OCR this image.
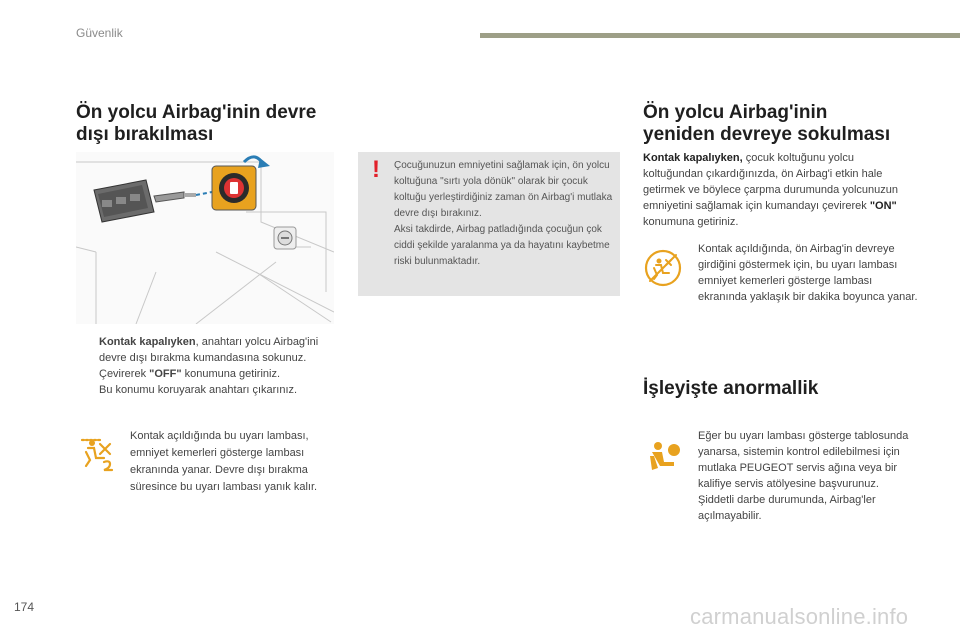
Güvenlik
Ön yolcu Airbag'inin devre
dışı bırakılması
! Çocuğunuzun emniyetini sağlamak için, ön yolcu koltuğuna "sırtı yola dönük" olarak bir çocuk koltuğu yerleştirdiğiniz zaman ön Airbag'i mutlaka devre dışı bırakınız.

Aksi takdirde, Airbag patladığında çocuğun çok ciddi şekilde yaralanma ya da hayatını kaybetme riski bulunmaktadır.

Kontak kapalıyken, anahtarı yolcu Airbag'ini devre dışı bırakma kumandasına sokunuz.
Çevirerek "OFF" konumuna getiriniz.
Bu konumu koruyarak anahtarı çıkarınız.
Kontak açıldığında bu uyarı lambası, emniyet kemerleri gösterge lambası ekranında yanar. Devre dışı bırakma süresince bu uyarı lambası yanık kalır.
Ön yolcu Airbag'inin
yeniden devreye sokulması
Kontak kapalıyken, çocuk koltuğunu yolcu koltuğundan çıkardığınızda, ön Airbag'i etkin hale getirmek ve böylece çarpma durumunda yolcunuzun emniyetini sağlamak için kumandayı çevirerek "ON" konumuna getiriniz.
Kontak açıldığında, ön Airbag'in devreye girdiğini göstermek için, bu uyarı lambası emniyet kemerleri gösterge lambası ekranında yaklaşık bir dakika boyunca yanar.
İşleyişte anormallik
Eğer bu uyarı lambası gösterge tablosunda yanarsa, sistemin kontrol edilebilmesi için mutlaka PEUGEOT servis ağına veya bir kalifiye servis atölyesine başvurunuz.
Şiddetli darbe durumunda, Airbag'ler açılmayabilir.
174	carmanualsonline.info
